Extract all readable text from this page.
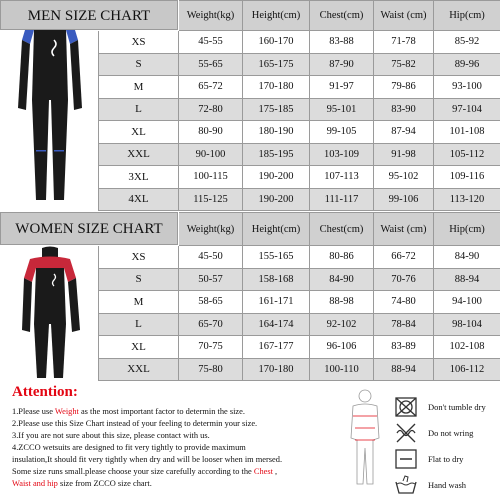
MEN SIZE CHART
		Weight(kg)	Height(cm)	Chest(cm)	Waist (cm)	Hip(cm)
XS	45-55	160-170	83-88	71-78	85-92
S	55-65	165-175	87-90	75-82	89-96
M	65-72	170-180	91-97	79-86	93-100
L	72-80	175-185	95-101	83-90	97-104
XL	80-90	180-190	99-105	87-94	101-108
XXL	90-100	185-195	103-109	91-98	105-112
3XL	100-115	190-200	107-113	95-102	109-116
4XL	115-125	190-200	111-117	99-106	113-120
WOMEN SIZE CHART
		Weight(kg)	Height(cm)	Chest(cm)	Waist (cm)	Hip(cm)
XS	45-50	155-165	80-86	66-72	84-90
S	50-57	158-168	84-90	70-76	88-94
M	58-65	161-171	88-98	74-80	94-100
L	65-70	164-174	92-102	78-84	98-104
XL	70-75	167-177	96-106	83-89	102-108
XXL	75-80	170-180	100-110	88-94	106-112
Attention:
1.Please use Weight as the most important factor to determin the size.
2.Please use this Size Chart instead of your feeling to determin your size.
3.If you are not sure about this size, please contact with us.
4.ZCCO wetsuits are designed to fit very tightly to provide maximum
insulation,It should fit very tightly when dry and will be looser when im mersed.
Some size runs small.please choose your size carefully according to the Chest ,
Waist and hip size from ZCCO size chart.
Don't tumble dry
Do not wring
Flat to dry
Hand wash
